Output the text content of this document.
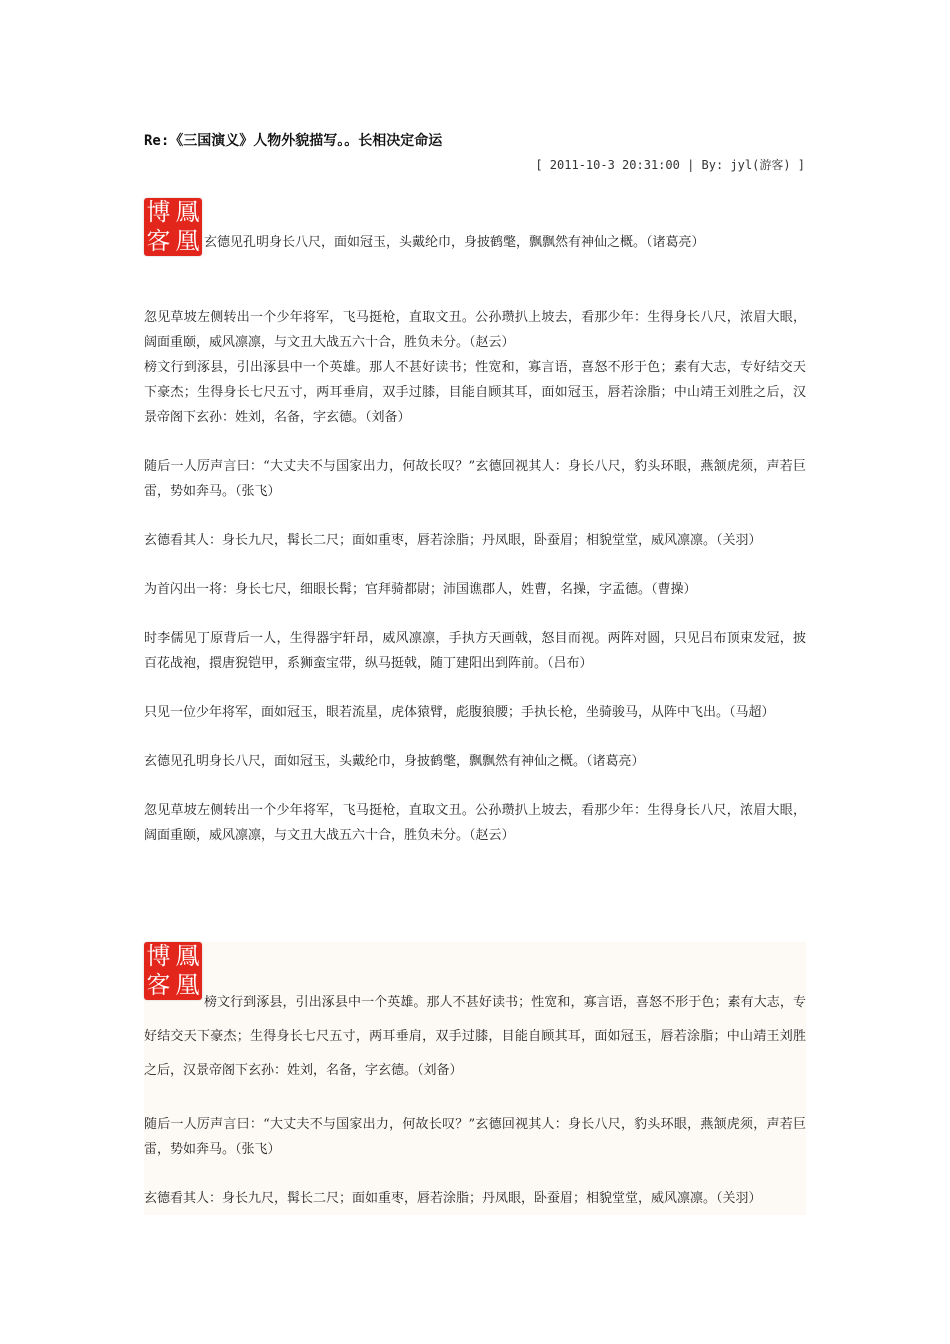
Re:《三国演义》人物外貌描写。。长相决定命运
[ 2011-10-3 20:31:00 | By: jyl(游客) ]
博 鳳
客 凰 玄德见孔明身长八尺，面如冠玉，头戴纶巾，身披鹤氅，飘飘然有神仙之概。（诸葛亮）

忽见草坡左侧转出一个少年将军，飞马挺枪，直取文丑。公孙瓒扒上坡去，看那少年：生得身长八尺，浓眉大眼，阔面重颐，威风凛凛，与文丑大战五六十合，胜负未分。（赵云）

榜文行到涿县，引出涿县中一个英雄。那人不甚好读书；性宽和，寡言语，喜怒不形于色；素有大志，专好结交天下豪杰；生得身长七尺五寸，两耳垂肩，双手过膝，目能自顾其耳，面如冠玉，唇若涂脂；中山靖王刘胜之后，汉景帝阁下玄孙：姓刘，名备，字玄德。（刘备）

随后一人厉声言曰：“大丈夫不与国家出力，何故长叹？”玄德回视其人：身长八尺，豹头环眼，燕颔虎须，声若巨雷，势如奔马。（张飞）

玄德看其人：身长九尺，髯长二尺；面如重枣，唇若涂脂；丹凤眼，卧蚕眉；相貌堂堂，威风凛凛。（关羽）

为首闪出一将：身长七尺，细眼长髯；官拜骑都尉；沛国谯郡人，姓曹，名操，字孟德。（曹操）

时李儒见丁原背后一人，生得器宇轩昂，威风凛凛，手执方天画戟，怒目而视。两阵对圆，只见吕布顶束发冠，披百花战袍，擐唐猊铠甲，系狮蛮宝带，纵马挺戟，随丁建阳出到阵前。（吕布）

只见一位少年将军，面如冠玉，眼若流星，虎体猿臂，彪腹狼腰；手执长枪，坐骑骏马，从阵中飞出。（马超）

玄德见孔明身长八尺，面如冠玉，头戴纶巾，身披鹤氅，飘飘然有神仙之概。（诸葛亮）

忽见草坡左侧转出一个少年将军，飞马挺枪，直取文丑。公孙瓒扒上坡去，看那少年：生得身长八尺，浓眉大眼，阔面重颐，威风凛凛，与文丑大战五六十合，胜负未分。（赵云）

博 鳳
客 凰

榜文行到涿县，引出涿县中一个英雄。那人不甚好读书；性宽和，寡言语，喜怒不形于色；素有大志，专好结交天下豪杰；生得身长七尺五寸，两耳垂肩，双手过膝，目能自顾其耳，面如冠玉，唇若涂脂；中山靖王刘胜之后，汉景帝阁下玄孙：姓刘，名备，字玄德。（刘备）

随后一人厉声言曰：“大丈夫不与国家出力，何故长叹？”玄德回视其人：身长八尺，豹头环眼，燕颔虎须，声若巨雷，势如奔马。（张飞）

玄德看其人：身长九尺，髯长二尺；面如重枣，唇若涂脂；丹凤眼，卧蚕眉；相貌堂堂，威风凛凛。（关羽）
